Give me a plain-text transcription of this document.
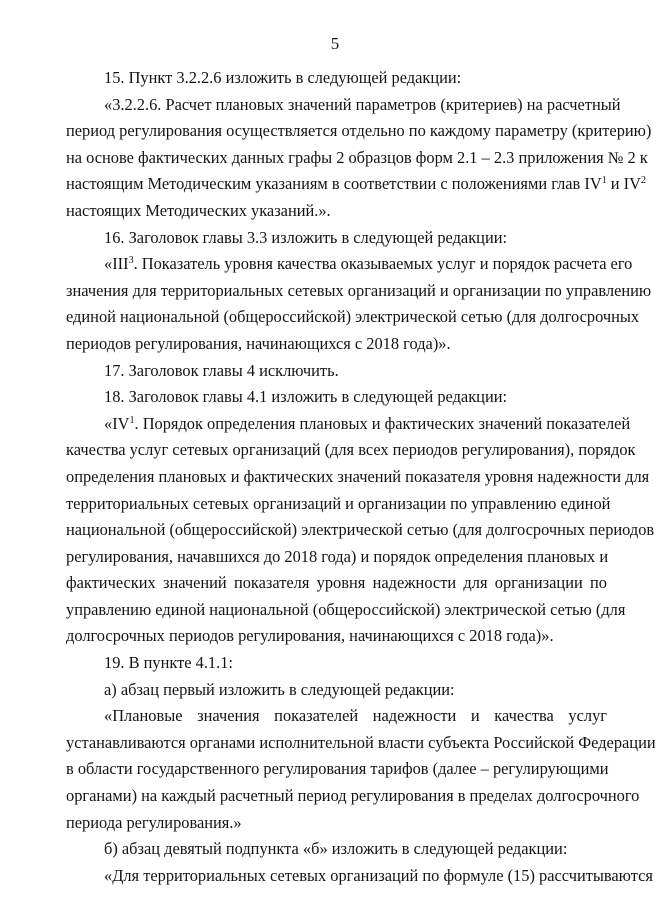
5

15. Пункт 3.2.2.6 изложить в следующей редакции:

«3.2.2.6. Расчет плановых значений параметров (критериев) на расчетный
период регулирования осуществляется отдельно по каждому параметру (критерию)
на основе фактических данных графы 2 образцов форм 2.1 – 2.3 приложения № 2 к
настоящим Методическим указаниям в соответствии с положениями глав $IV^1$ и $IV^2$
настоящих Методических указаний.».

16. Заголовок главы 3.3 изложить в следующей редакции:

«III$^3$. Показатель уровня качества оказываемых услуг и порядок расчета его
значения для территориальных сетевых организаций и организации по управлению
единой национальной (общероссийской) электрической сетью (для долгосрочных
периодов регулирования, начинающихся с 2018 года)».

17. Заголовок главы 4 исключить.

18. Заголовок главы 4.1 изложить в следующей редакции:

«$IV^1$. Порядок определения плановых и фактических значений показателей
качества услуг сетевых организаций (для всех периодов регулирования), порядок
определения плановых и фактических значений показателя уровня надежности для
территориальных сетевых организаций и организации по управлению единой
национальной (общероссийской) электрической сетью (для долгосрочных периодов
регулирования, начавшихся до 2018 года) и порядок определения плановых и
фактических значений показателя уровня надежности для организации по
управлению единой национальной (общероссийской) электрической сетью (для
долгосрочных периодов регулирования, начинающихся с 2018 года)».

19. В пункте 4.1.1:

а) абзац первый изложить в следующей редакции:

«Плановые значения показателей надежности и качества услуг
устанавливаются органами исполнительной власти субъекта Российской Федерации
в области государственного регулирования тарифов (далее – регулирующими
органами) на каждый расчетный период регулирования в пределах долгосрочного
периода регулирования.»

б) абзац девятый подпункта «б» изложить в следующей редакции:

«Для территориальных сетевых организаций по формуле (15) рассчитываются
